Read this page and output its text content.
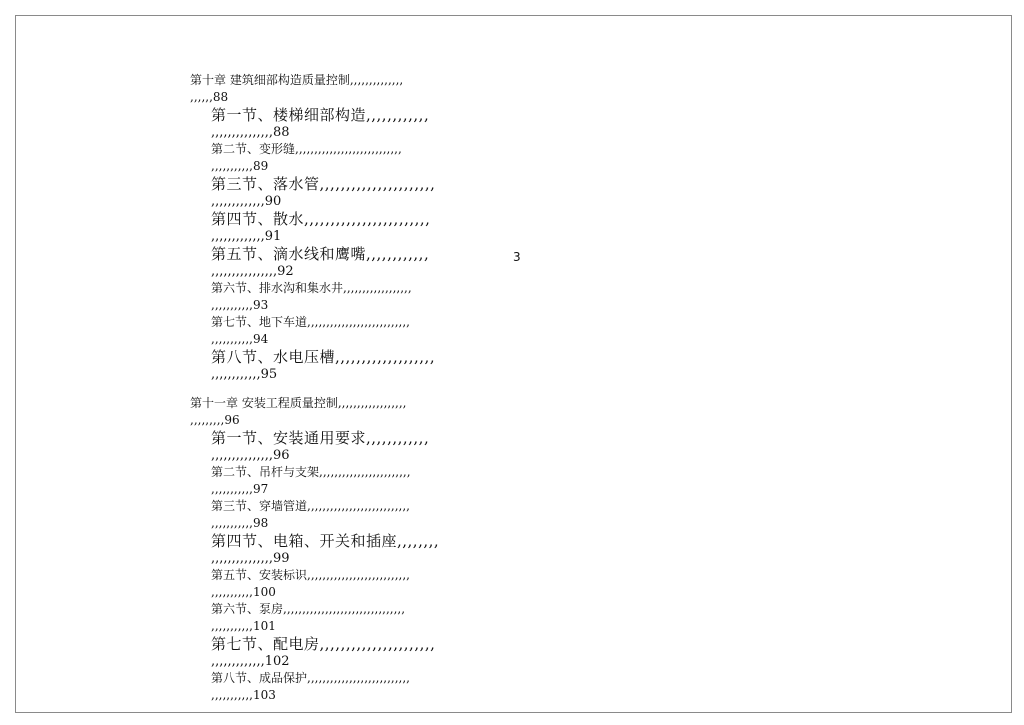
第十章 建筑细部构造质量控制,,,,,,,,,,,,,,
,,,,,,88
第一节、楼梯细部构造,,,,,,,,,,,,
,,,,,,,,,,,,,,,88
第二节、变形缝,,,,,,,,,,,,,,,,,,,,,,,,,,,,
,,,,,,,,,,,89
第三节、落水管,,,,,,,,,,,,,,,,,,,,,,
,,,,,,,,,,,,,90
第四节、散水,,,,,,,,,,,,,,,,,,,,,,,,
,,,,,,,,,,,,,91
第五节、滴水线和鹰嘴,,,,,,,,,,,,
,,,,,,,,,,,,,,,,92
第六节、排水沟和集水井,,,,,,,,,,,,,,,,,,
,,,,,,,,,,,93
第七节、地下车道,,,,,,,,,,,,,,,,,,,,,,,,,,,
,,,,,,,,,,,94
第八节、水电压槽,,,,,,,,,,,,,,,,,,,
,,,,,,,,,,,,95
第十一章 安装工程质量控制,,,,,,,,,,,,,,,,,,
,,,,,,,,,96
第一节、安装通用要求,,,,,,,,,,,,
,,,,,,,,,,,,,,,96
第二节、吊杆与支架,,,,,,,,,,,,,,,,,,,,,,,,
,,,,,,,,,,,97
第三节、穿墙管道,,,,,,,,,,,,,,,,,,,,,,,,,,,
,,,,,,,,,,,98
第四节、电箱、开关和插座,,,,,,,,
,,,,,,,,,,,,,,,99
第五节、安装标识,,,,,,,,,,,,,,,,,,,,,,,,,,,
,,,,,,,,,,,100
第六节、泵房,,,,,,,,,,,,,,,,,,,,,,,,,,,,,,,,
,,,,,,,,,,,101
第七节、配电房,,,,,,,,,,,,,,,,,,,,,,
,,,,,,,,,,,,,102
第八节、成品保护,,,,,,,,,,,,,,,,,,,,,,,,,,,
,,,,,,,,,,,103
3
